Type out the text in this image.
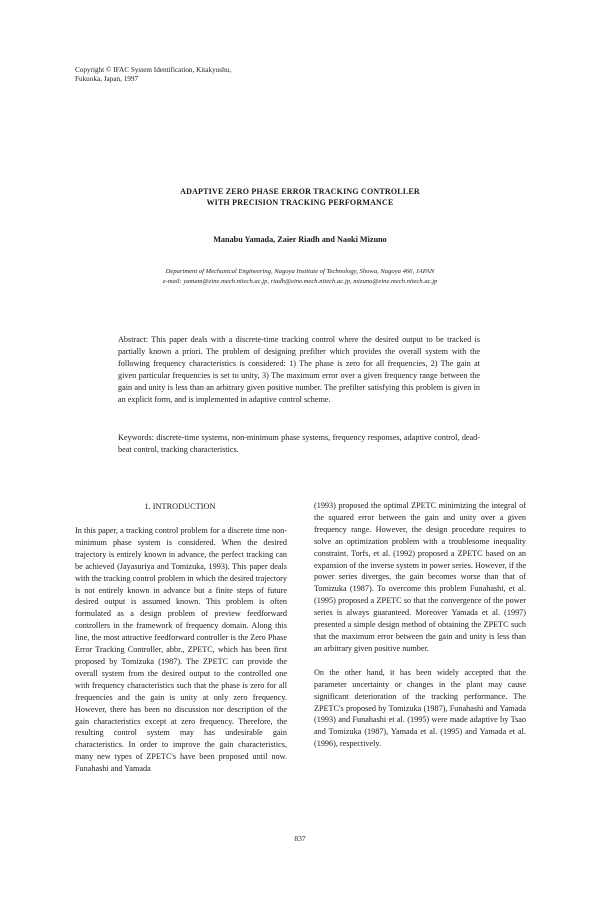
Copyright © IFAC System Identification, Kitakyushu,
Fukuoka, Japan, 1997
ADAPTIVE ZERO PHASE ERROR TRACKING CONTROLLER
WITH PRECISION TRACKING PERFORMANCE
Manabu Yamada, Zaier Riadh and Naoki Mizuno
Department of Mechanical Engineering, Nagoya Institute of Technology, Showa, Nagoya 466, JAPAN
e-mail: yamam@eine.mech.nitech.ac.jp, riadh@eine.mech.nitech.ac.jp, mizuno@eine.mech.nitech.ac.jp
Abstract: This paper deals with a discrete-time tracking control where the desired output to be tracked is partially known a priori. The problem of designing prefilter which provides the overall system with the following frequency characteristics is considered: 1) The phase is zero for all frequencies, 2) The gain at given particular frequencies is set to unity, 3) The maximum error over a given frequency range between the gain and unity is less than an arbitrary given positive number. The prefilter satisfying this problem is given in an explicit form, and is implemented in adaptive control scheme.
Keywords: discrete-time systems, non-minimum phase systems, frequency responses, adaptive control, dead-beat control, tracking characteristics.
1. INTRODUCTION

In this paper, a tracking control problem for a discrete time non-minimum phase system is considered. When the desired trajectory is entirely known in advance, the perfect tracking can be achieved (Jayasuriya and Tomizuka, 1993). This paper deals with the tracking control problem in which the desired trajectory is not entirely known in advance but a finite steps of future desired output is assumed known. This problem is often formulated as a design problem of preview feedforward controllers in the framework of frequency domain. Along this line, the most attractive feedforward controller is the Zero Phase Error Tracking Controller, abbr., ZPETC, which has been first proposed by Tomizuka (1987). The ZPETC can provide the overall system from the desired output to the controlled one with frequency characteristics such that the phase is zero for all frequencies and the gain is unity at only zero frequency. However, there has been no discussion nor description of the gain characteristics except at zero frequency. Therefore, the resulting control system may has undesirable gain characteristics. In order to improve the gain characteristics, many new types of ZPETC's have been proposed until now. Funahashi and Yamada

(1993) proposed the optimal ZPETC minimizing the integral of the squared error between the gain and unity over a given frequency range. However, the design procedure requires to solve an optimization problem with a troublesome inequality constraint. Torfs, et al. (1992) proposed a ZPETC based on an expansion of the inverse system in power series. However, if the power series diverges, the gain becomes worse than that of Tomizuka (1987). To overcome this problem Funahashi, et al. (1995) proposed a ZPETC so that the convergence of the power series is always guaranteed. Moreover Yamada et al. (1997) presented a simple design method of obtaining the ZPETC such that the maximum error between the gain and unity is less than an arbitrary given positive number.

On the other hand, it has been widely accepted that the parameter uncertainty or changes in the plant may cause significant deterioration of the tracking performance. The ZPETC's proposed by Tomizuka (1987), Funahashi and Yamada (1993) and Funahashi et al. (1995) were made adaptive by Tsao and Tomizuka (1987), Yamada et al. (1995) and Yamada et al. (1996), respectively.

837
